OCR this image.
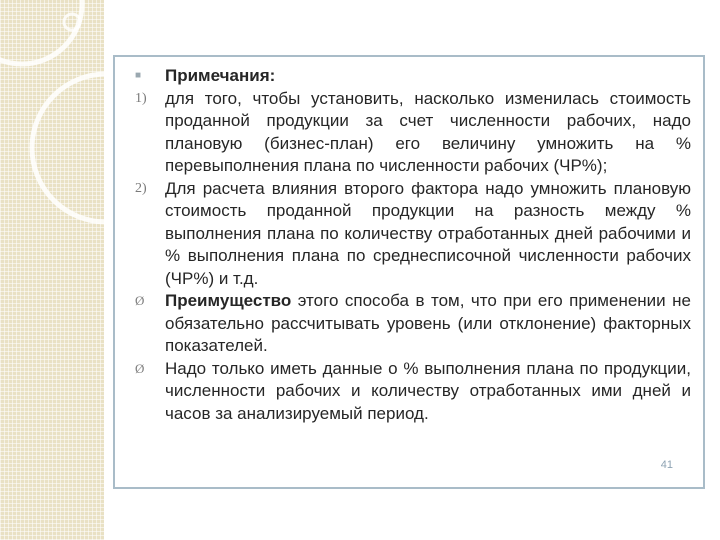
■ Примечания:
1) для того, чтобы установить, насколько изменилась стоимость проданной продукции за счет численности рабочих, надо плановую (бизнес-план) его величину умножить на % перевыполнения плана по численности рабочих (ЧР%);
2) Для расчета влияния второго фактора надо умножить плановую стоимость проданной продукции на разность между % выполнения плана по количеству отработанных дней рабочими и % выполнения плана по среднесписочной численности рабочих (ЧР%) и т.д.
Ø Преимущество этого способа в том, что при его применении не обязательно рассчитывать уровень (или отклонение) факторных показателей.
Ø Надо только иметь данные о % выполнения плана по продукции, численности рабочих и количеству отработанных ими дней и часов за анализируемый период.
41
